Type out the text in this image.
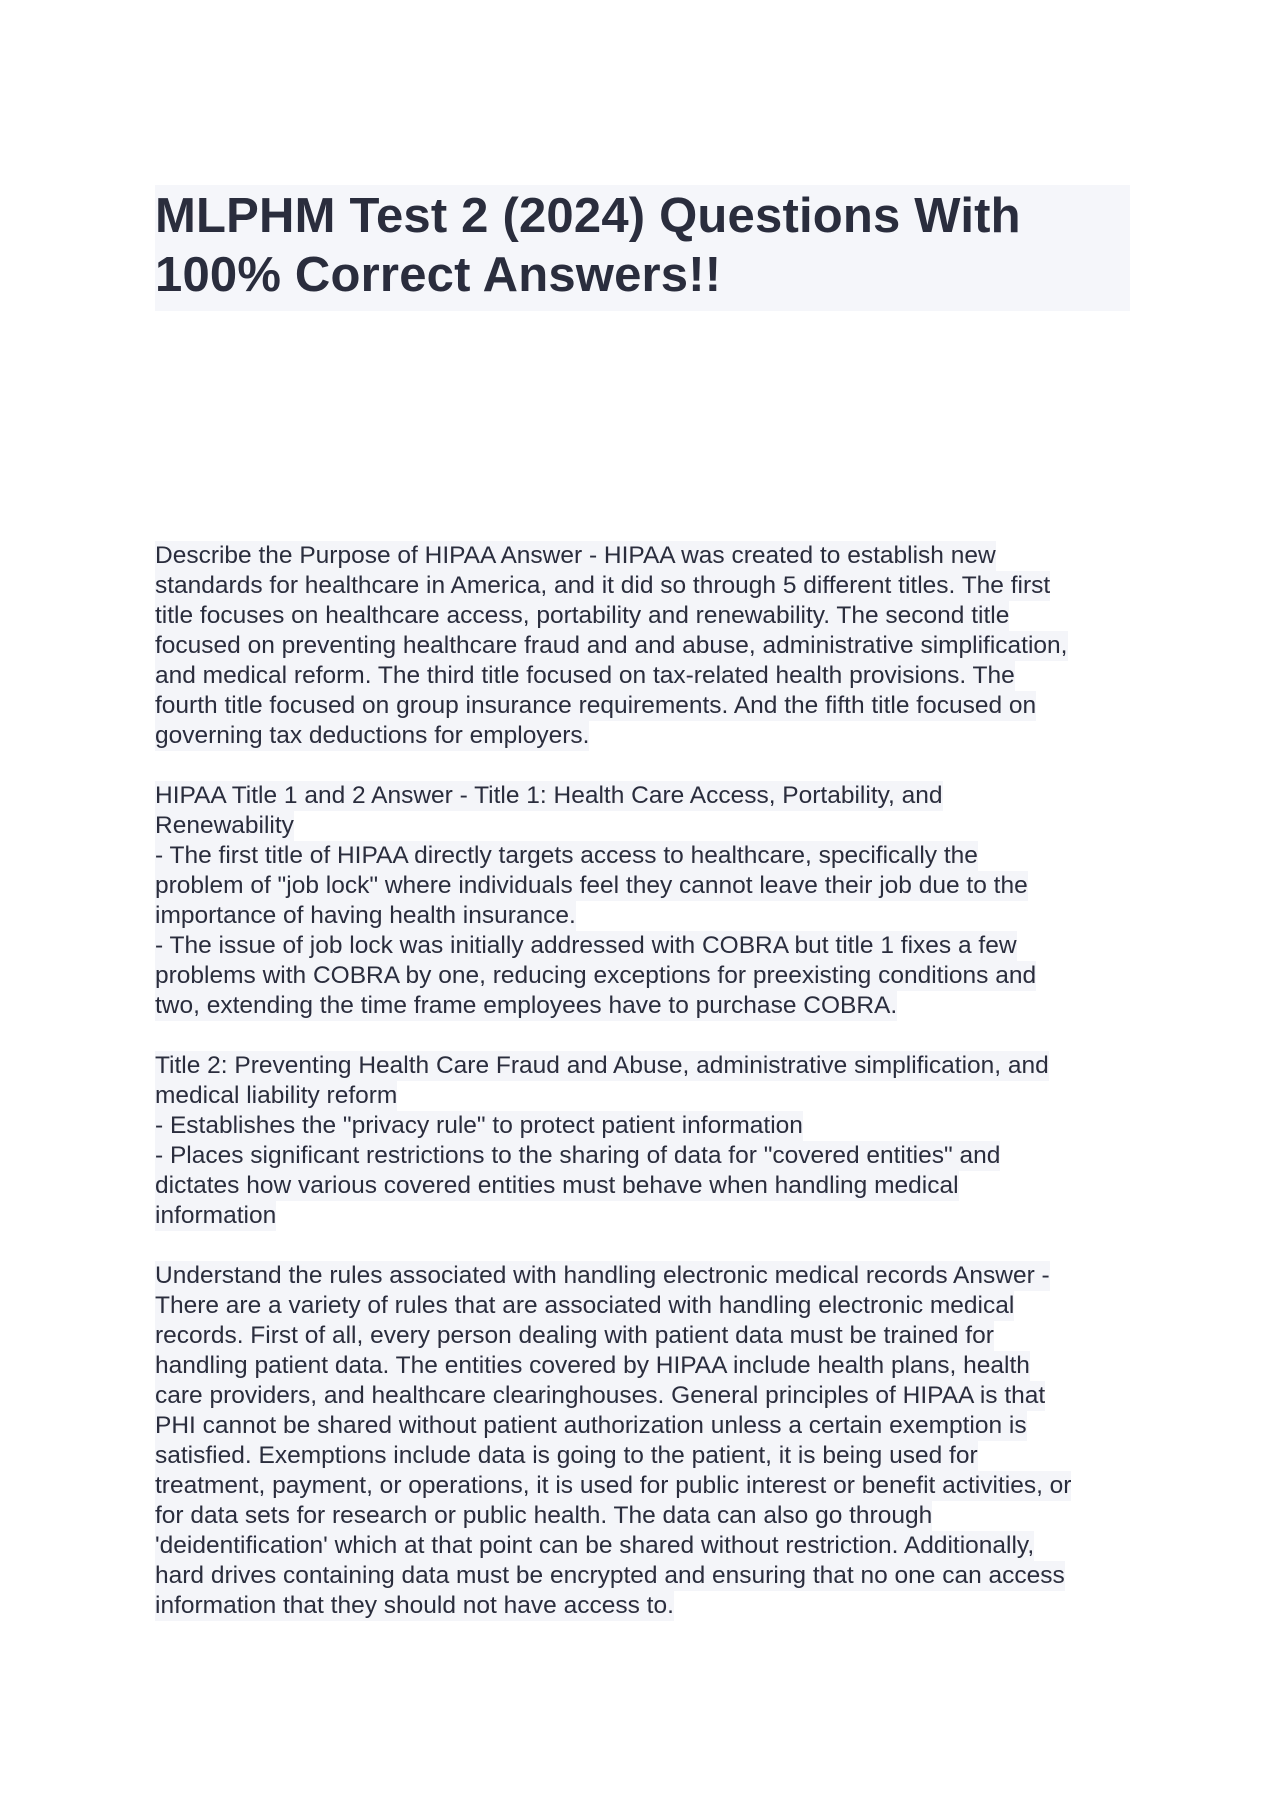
MLPHM Test 2 (2024) Questions With
100% Correct Answers!!
Describe the Purpose of HIPAA Answer - HIPAA was created to establish new
standards for healthcare in America, and it did so through 5 different titles. The first
title focuses on healthcare access, portability and renewability. The second title
focused on preventing healthcare fraud and and abuse, administrative simplification,
and medical reform. The third title focused on tax-related health provisions. The
fourth title focused on group insurance requirements. And the fifth title focused on
governing tax deductions for employers.
HIPAA Title 1 and 2 Answer - Title 1: Health Care Access, Portability, and
Renewability
- The first title of HIPAA directly targets access to healthcare, specifically the
problem of "job lock" where individuals feel they cannot leave their job due to the
importance of having health insurance.
- The issue of job lock was initially addressed with COBRA but title 1 fixes a few
problems with COBRA by one, reducing exceptions for preexisting conditions and
two, extending the time frame employees have to purchase COBRA.
Title 2: Preventing Health Care Fraud and Abuse, administrative simplification, and
medical liability reform
- Establishes the "privacy rule" to protect patient information
- Places significant restrictions to the sharing of data for "covered entities" and
dictates how various covered entities must behave when handling medical
information
Understand the rules associated with handling electronic medical records Answer -
There are a variety of rules that are associated with handling electronic medical
records. First of all, every person dealing with patient data must be trained for
handling patient data. The entities covered by HIPAA include health plans, health
care providers, and healthcare clearinghouses. General principles of HIPAA is that
PHI cannot be shared without patient authorization unless a certain exemption is
satisfied. Exemptions include data is going to the patient, it is being used for
treatment, payment, or operations, it is used for public interest or benefit activities, or
for data sets for research or public health. The data can also go through
'deidentification' which at that point can be shared without restriction. Additionally,
hard drives containing data must be encrypted and ensuring that no one can access
information that they should not have access to.
